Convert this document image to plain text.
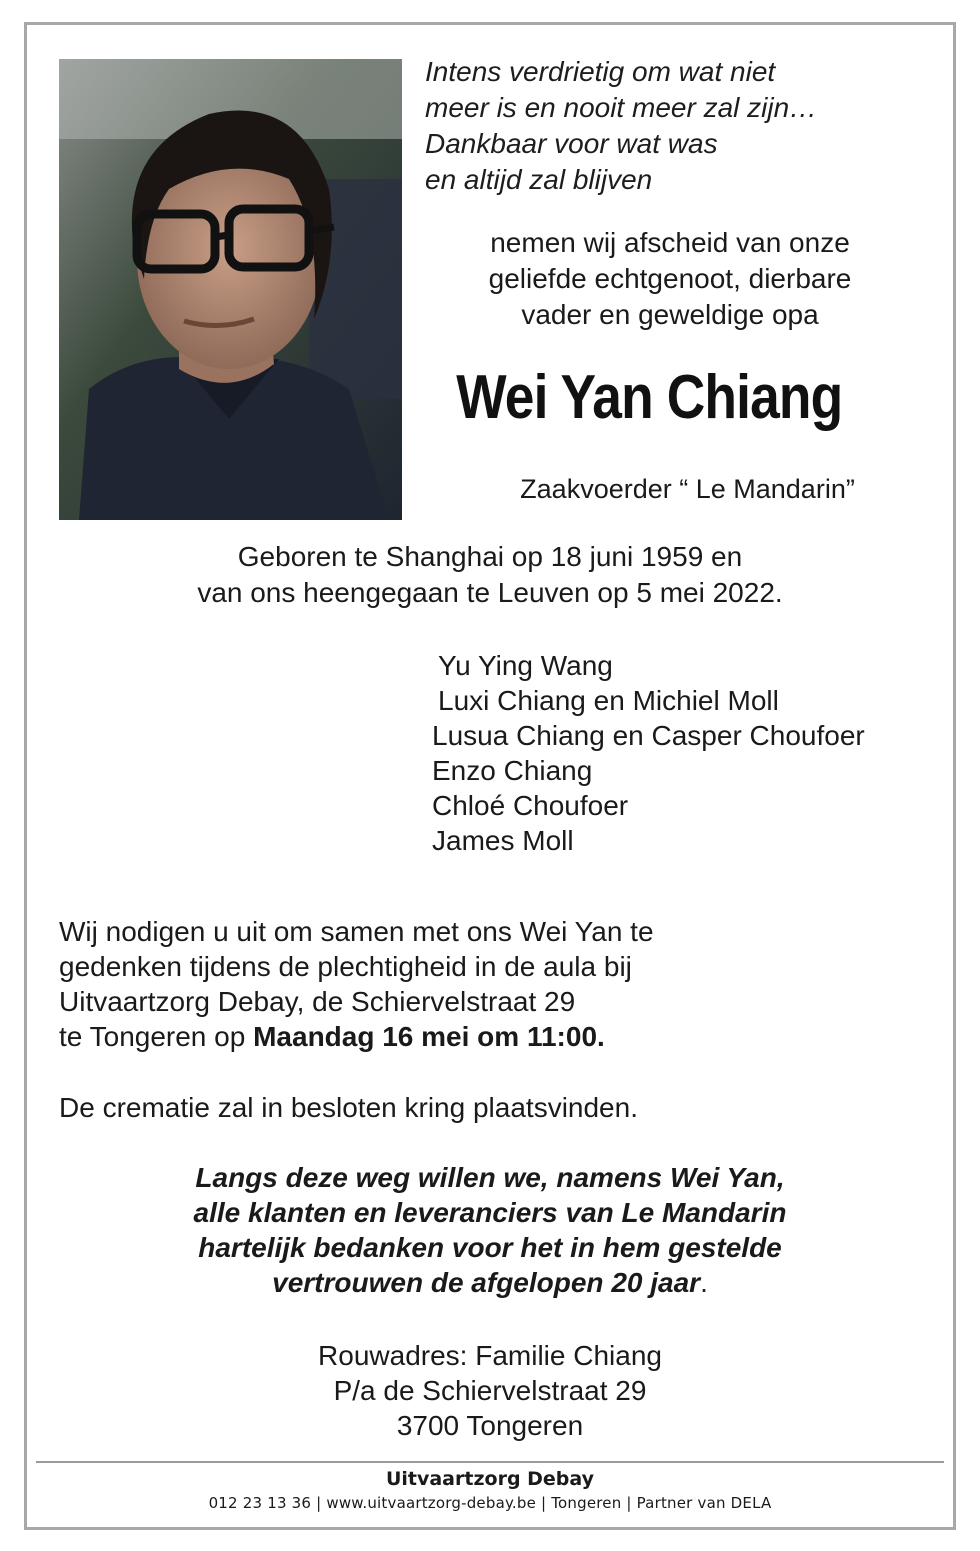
Intens verdrietig om wat niet
meer is en nooit meer zal zijn…
Dankbaar voor wat was
en altijd zal blijven
nemen wij afscheid van onze
geliefde echtgenoot, dierbare
vader en geweldige opa
Wei Yan Chiang
Zaakvoerder “ Le Mandarin”
Geboren te Shanghai op 18 juni 1959 en
van ons heengegaan te Leuven op 5 mei 2022.
Yu Ying Wang
Luxi Chiang en Michiel Moll
Lusua Chiang en Casper Choufoer
Enzo Chiang
Chloé Choufoer
James Moll
Wij nodigen u uit om samen met ons Wei Yan te
gedenken tijdens de plechtigheid in de aula bij
Uitvaartzorg Debay, de Schiervelstraat 29
te Tongeren op Maandag 16 mei om 11:00.
De crematie zal in besloten kring plaatsvinden.
Langs deze weg willen we, namens Wei Yan,
alle klanten en leveranciers van Le Mandarin
hartelijk bedanken voor het in hem gestelde
vertrouwen de afgelopen 20 jaar.
Rouwadres: Familie Chiang
P/a de Schiervelstraat 29
3700 Tongeren
Uitvaartzorg Debay
012 23 13 36 | www.uitvaartzorg-debay.be | Tongeren | Partner van DELA
